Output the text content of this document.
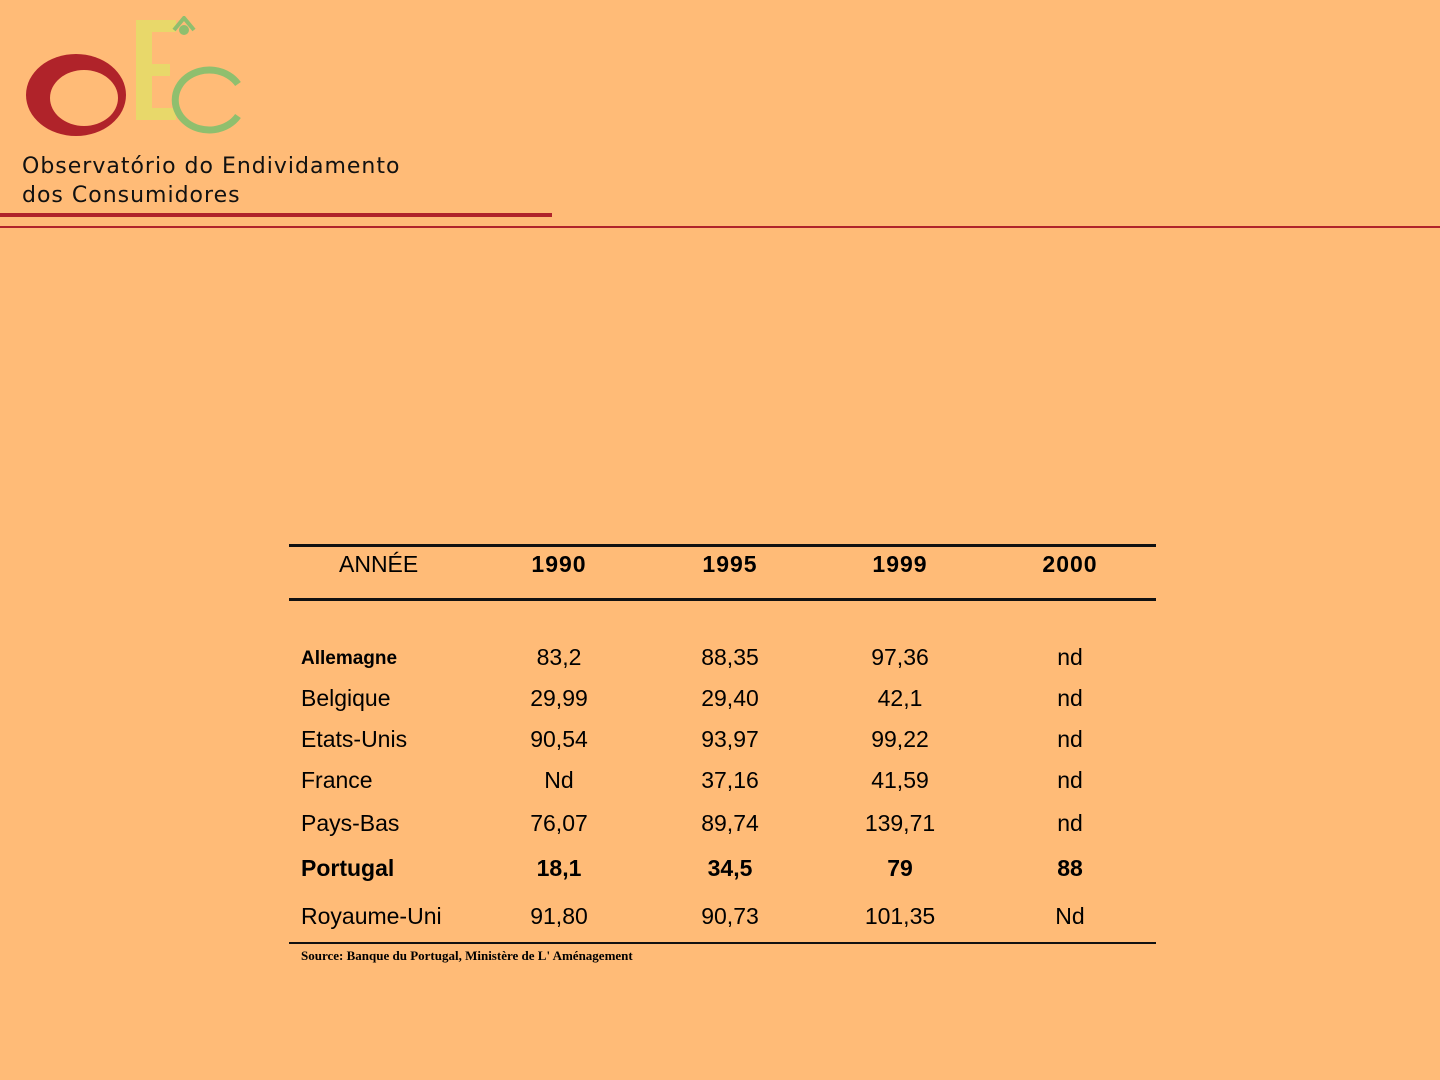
Observatório do Endividamento
dos Consumidores
ANNÉE	1990	1995	1999	2000
Allemagne	83,2	88,35	97,36	nd
Belgique	29,99	29,40	42,1	nd
Etats-Unis	90,54	93,97	99,22	nd
France	Nd	37,16	41,59	nd
Pays-Bas	76,07	89,74	139,71	nd
Portugal	18,1	34,5	79	88
Royaume-Uni	91,80	90,73	101,35	Nd
Source: Banque du Portugal, Ministère de L' Aménagement
